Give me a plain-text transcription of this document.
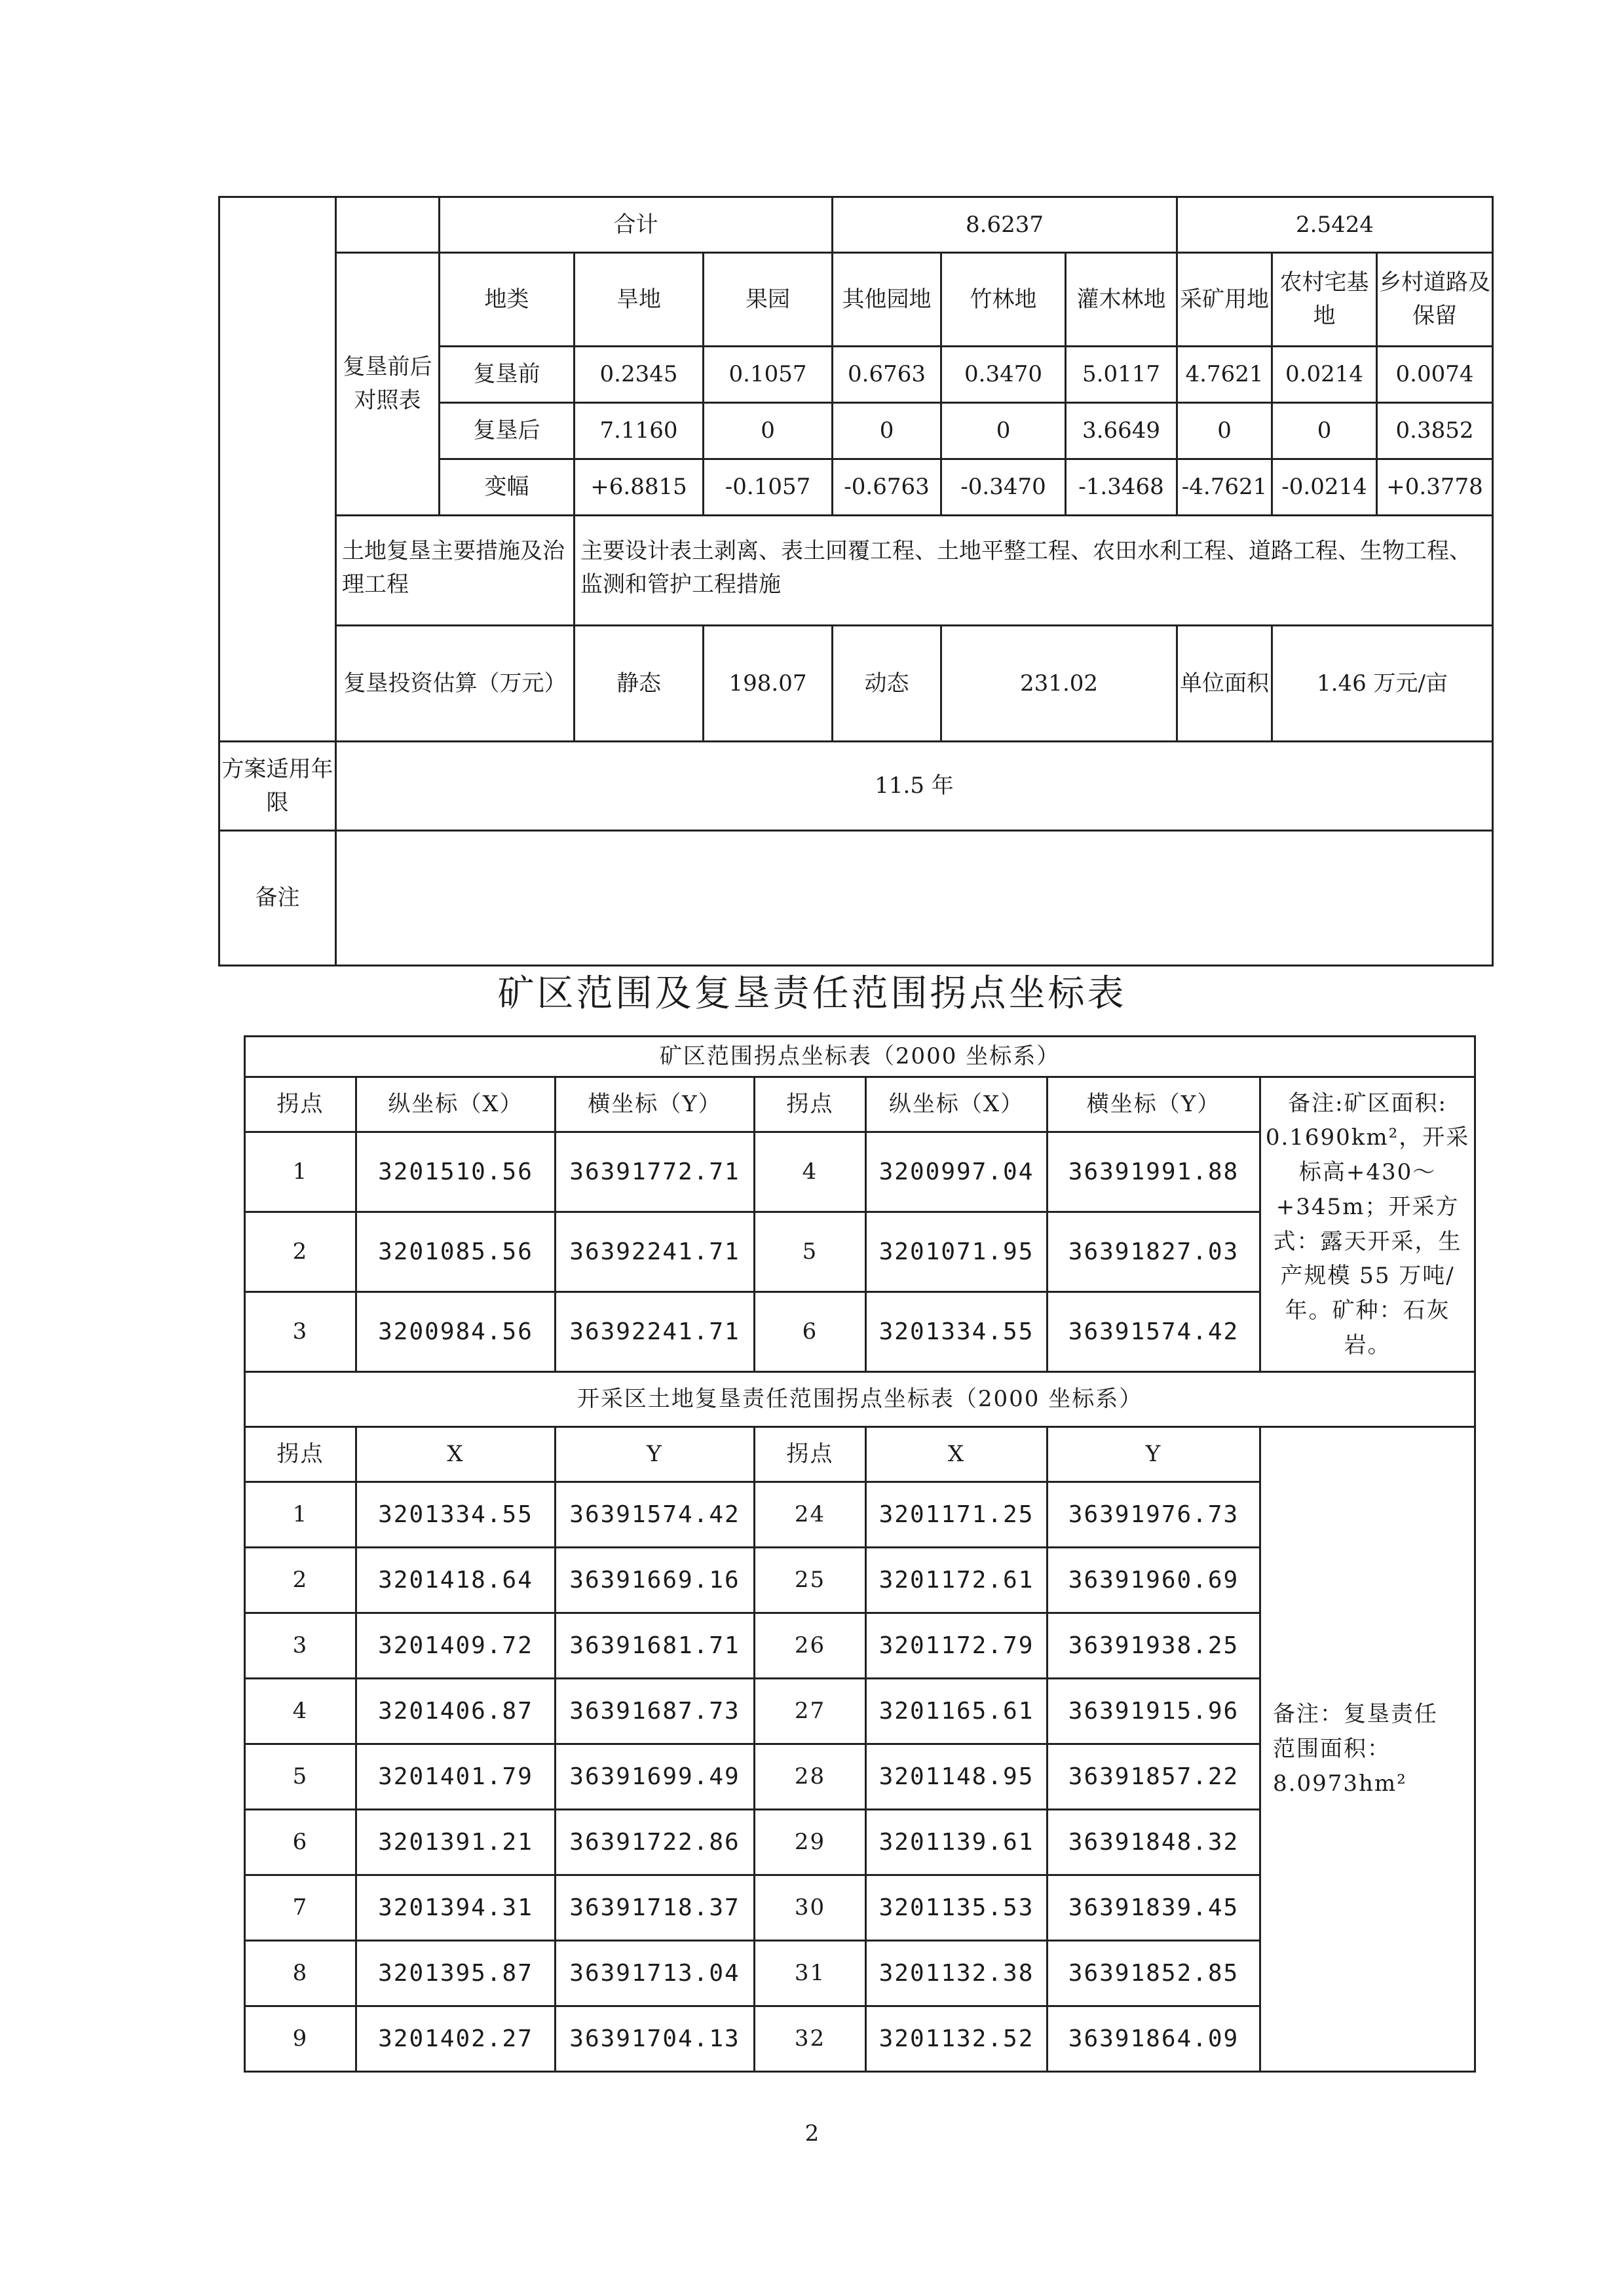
		合计			8.6237			2.5424	
	复垦前后对照表	地类	旱地	果园	其他园地	竹林地	灌木林地	采矿用地	农村宅基地	乡村道路及保留	
		复垦前	0.2345	0.1057	0.6763	0.3470	5.0117	4.7621	0.0214	0.0074	
		复垦后	7.1160	0	0	0	3.6649	0	0	0.3852	
		变幅	+6.8815	-0.1057	-0.6763	-0.3470	-1.3468	-4.7621	-0.0214	+0.3778	
	土地复垦主要措施及治理工程		主要设计表土剥离、表土回覆工程、土地平整工程、农田水利工程、道路工程、生物工程、监测和管护工程措施								
	复垦投资估算（万元）		静态	198.07	动态	231.02		单位面积	1.46 万元/亩		
方案适用年限	11.5 年										
备注											
矿区范围及复垦责任范围拐点坐标表
矿区范围拐点坐标表（2000 坐标系）						
拐点	纵坐标（X）	横坐标（Y）	拐点	纵坐标（X）	横坐标（Y）	备注:矿区面积: 0.1690km²，开采标高+430～+345m；开采方式：露天开采，生产规模 55 万吨/年。矿种：石灰岩。
1	3201510.56	36391772.71	4	3200997.04	36391991.88	
2	3201085.56	36392241.71	5	3201071.95	36391827.03	
3	3200984.56	36392241.71	6	3201334.55	36391574.42	
开采区土地复垦责任范围拐点坐标表（2000 坐标系）						
拐点	X	Y	拐点	X	Y	备注：复垦责任范围面积：8.0973hm²
1	3201334.55	36391574.42	24	3201171.25	36391976.73	
2	3201418.64	36391669.16	25	3201172.61	36391960.69	
3	3201409.72	36391681.71	26	3201172.79	36391938.25	
4	3201406.87	36391687.73	27	3201165.61	36391915.96	
5	3201401.79	36391699.49	28	3201148.95	36391857.22	
6	3201391.21	36391722.86	29	3201139.61	36391848.32	
7	3201394.31	36391718.37	30	3201135.53	36391839.45	
8	3201395.87	36391713.04	31	3201132.38	36391852.85	
9	3201402.27	36391704.13	32	3201132.52	36391864.09	
2
